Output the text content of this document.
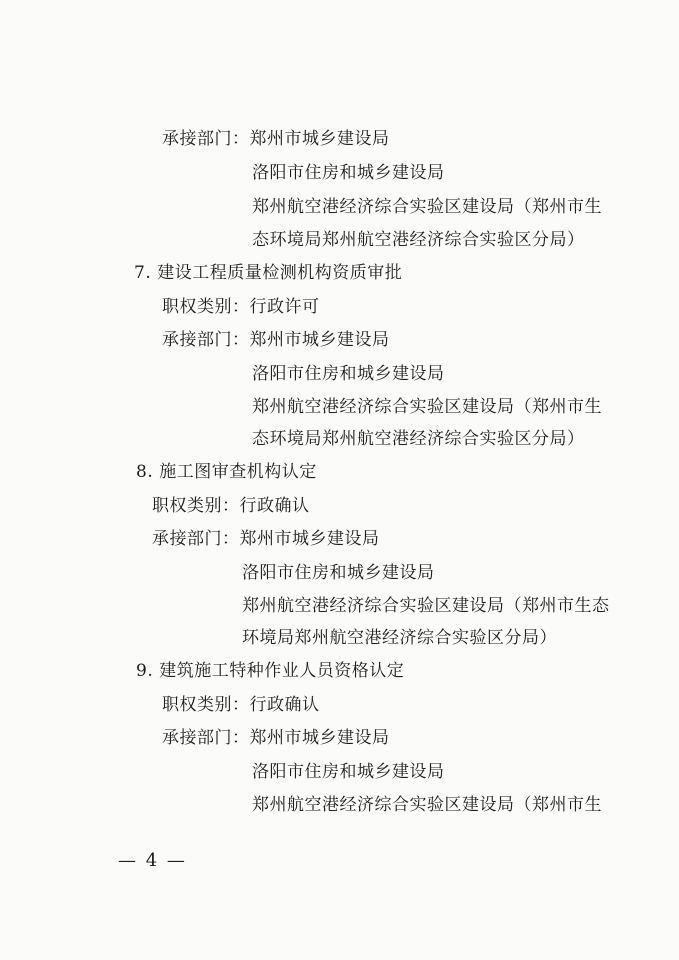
承接部门：郑州市城乡建设局
洛阳市住房和城乡建设局
郑州航空港经济综合实验区建设局（郑州市生
态环境局郑州航空港经济综合实验区分局）
7. 建设工程质量检测机构资质审批
职权类别：行政许可
承接部门：郑州市城乡建设局
洛阳市住房和城乡建设局
郑州航空港经济综合实验区建设局（郑州市生
态环境局郑州航空港经济综合实验区分局）
8. 施工图审查机构认定
职权类别：行政确认
承接部门：郑州市城乡建设局
洛阳市住房和城乡建设局
郑州航空港经济综合实验区建设局（郑州市生态
环境局郑州航空港经济综合实验区分局）
9. 建筑施工特种作业人员资格认定
职权类别：行政确认
承接部门：郑州市城乡建设局
洛阳市住房和城乡建设局
郑州航空港经济综合实验区建设局（郑州市生
— 4 —
